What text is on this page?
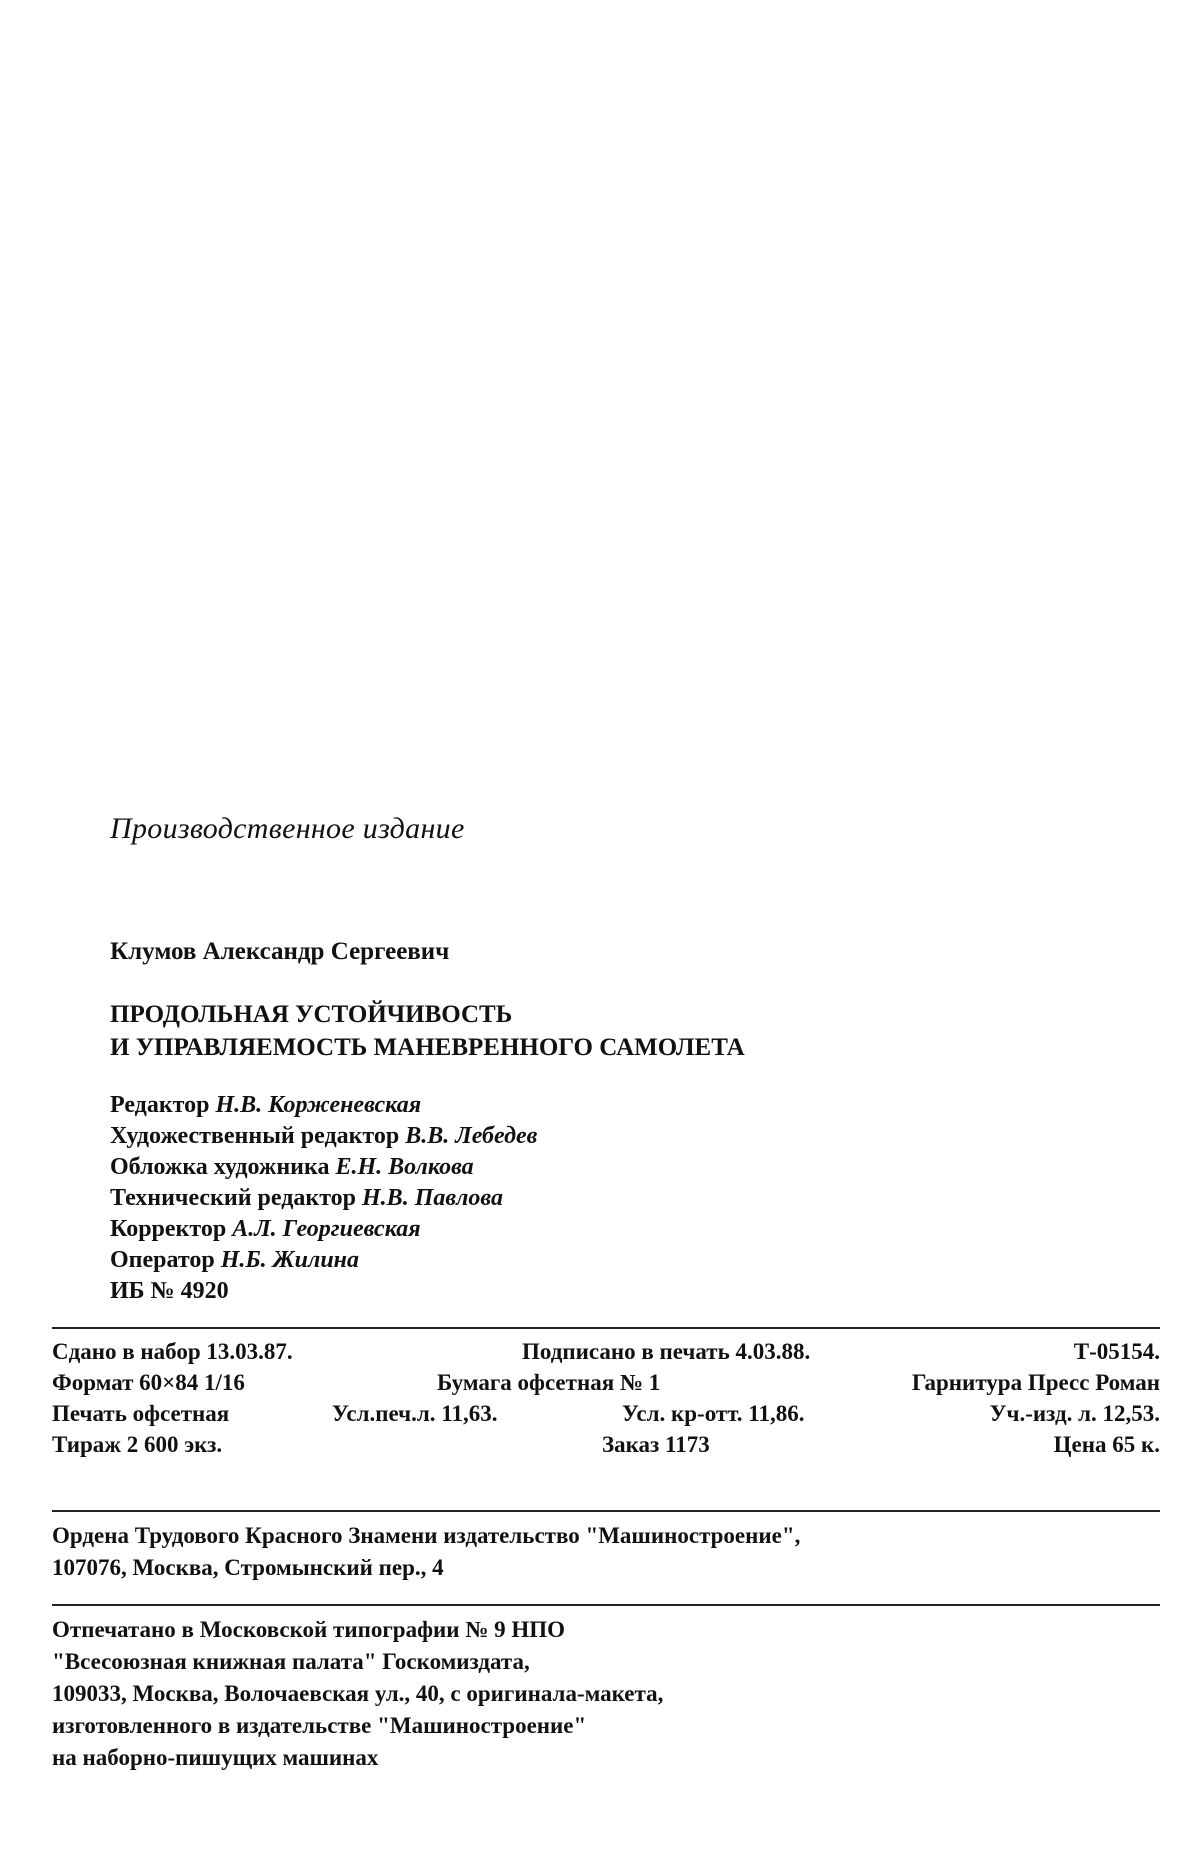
Производственное издание
Клумов Александр Сергеевич
ПРОДОЛЬНАЯ УСТОЙЧИВОСТЬ
И УПРАВЛЯЕМОСТЬ МАНЕВРЕННОГО САМОЛЕТА
Редактор Н.В. Корженевская
Художественный редактор В.В. Лебедев
Обложка художника Е.Н. Волкова
Технический редактор Н.В. Павлова
Корректор А.Л. Георгиевская
Оператор Н.Б. Жилина
ИБ № 4920
Сдано в набор 13.03.87.	Подписано в печать 4.03.88.	Т-05154.
Формат 60×84 1/16	Бумага офсетная № 1	Гарнитура Пресс Роман
Печать офсетная	Усл.печ.л. 11,63.	Усл. кр-отт. 11,86.	Уч.-изд. л. 12,53.
Тираж 2 600 экз.	Заказ 1173	Цена 65 к.
Ордена Трудового Красного Знамени издательство "Машиностроение",
107076, Москва, Стромынский пер., 4
Отпечатано в Московской типографии № 9 НПО
"Всесоюзная книжная палата" Госкомиздата,
109033, Москва, Волочаевская ул., 40, с оригинала-макета,
изготовленного в издательстве "Машиностроение"
на наборно-пишущих машинах
